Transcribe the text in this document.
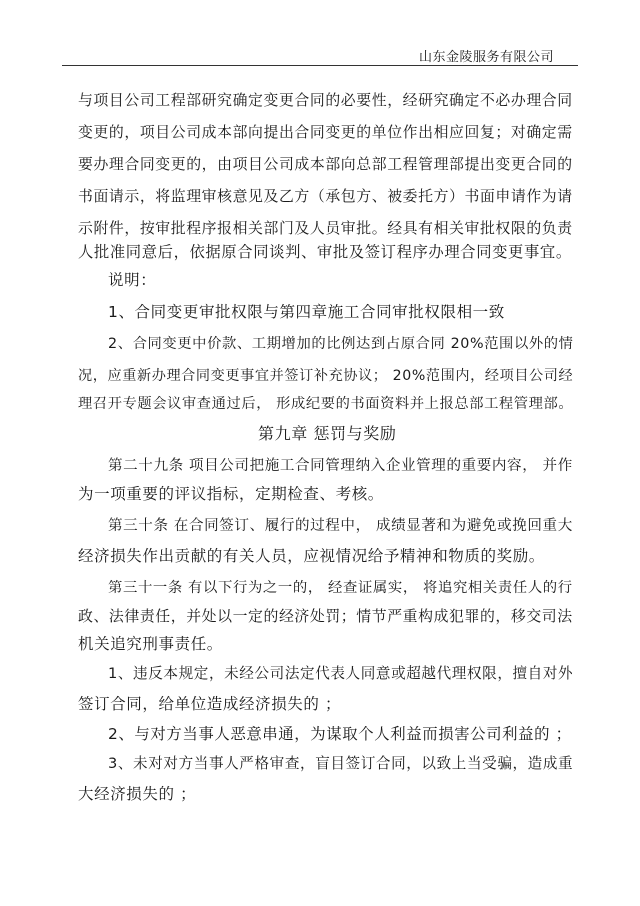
山东金陵服务有限公司
与项目公司工程部研究确定变更合同的必要性，经研究确定不必办理合同
变更的，项目公司成本部向提出合同变更的单位作出相应回复；对确定需
要办理合同变更的，由项目公司成本部向总部工程管理部提出变更合同的
书面请示，将监理审核意见及乙方（承包方、被委托方）书面申请作为请
示附件，按审批程序报相关部门及人员审批。经具有相关审批权限的负责
人批准同意后，依据原合同谈判、审批及签订程序办理合同变更事宜。
说明：
1、合同变更审批权限与第四章施工合同审批权限相一致
2、合同变更中价款、工期增加的比例达到占原合同 20%范围以外的情
况，应重新办理合同变更事宜并签订补充协议； 20%范围内，经项目公司经
理召开专题会议审查通过后， 形成纪要的书面资料并上报总部工程管理部。
第九章 惩罚与奖励
第二十九条 项目公司把施工合同管理纳入企业管理的重要内容， 并作
为一项重要的评议指标，定期检查、考核。
第三十条 在合同签订、履行的过程中， 成绩显著和为避免或挽回重大
经济损失作出贡献的有关人员，应视情况给予精神和物质的奖励。
第三十一条 有以下行为之一的， 经查证属实， 将追究相关责任人的行
政、法律责任，并处以一定的经济处罚；情节严重构成犯罪的，移交司法
机关追究刑事责任。
1、违反本规定，未经公司法定代表人同意或超越代理权限，擅自对外
签订合同，给单位造成经济损失的 ；
2、与对方当事人恶意串通，为谋取个人利益而损害公司利益的 ；
3、未对对方当事人严格审查，盲目签订合同，以致上当受骗，造成重
大经济损失的 ；
